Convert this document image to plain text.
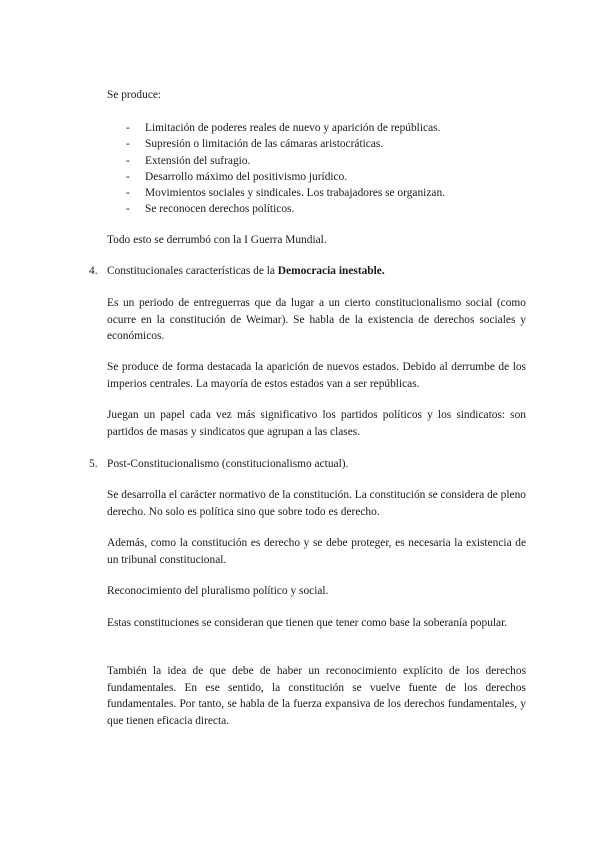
Se produce:

- Limitación de poderes reales de nuevo y aparición de repúblicas.
- Supresión o limitación de las cámaras aristocráticas.
- Extensión del sufragio.
- Desarrollo máximo del positivismo jurídico.
- Movimientos sociales y sindicales. Los trabajadores se organizan.
- Se reconocen derechos políticos.

Todo esto se derrumbó con la I Guerra Mundial.

4. Constitucionales características de la Democracia inestable.

Es un periodo de entreguerras que da lugar a un cierto constitucionalismo social (como ocurre en la constitución de Weimar). Se habla de la existencia de derechos sociales y económicos.

Se produce de forma destacada la aparición de nuevos estados. Debido al derrumbe de los imperios centrales. La mayoría de estos estados van a ser repúblicas.

Juegan un papel cada vez más significativo los partidos políticos y los sindicatos: son partidos de masas y sindicatos que agrupan a las clases.

5. Post-Constitucionalismo (constitucionalismo actual).

Se desarrolla el carácter normativo de la constitución. La constitución se considera de pleno derecho. No solo es política sino que sobre todo es derecho.

Además, como la constitución es derecho y se debe proteger, es necesaria la existencia de un tribunal constitucional.

Reconocimiento del pluralismo político y social.

Estas constituciones se consideran que tienen que tener como base la soberanía popular.

También la idea de que debe de haber un reconocimiento explícito de los derechos fundamentales. En ese sentido, la constitución se vuelve fuente de los derechos fundamentales. Por tanto, se habla de la fuerza expansiva de los derechos fundamentales, y que tienen eficacia directa.
